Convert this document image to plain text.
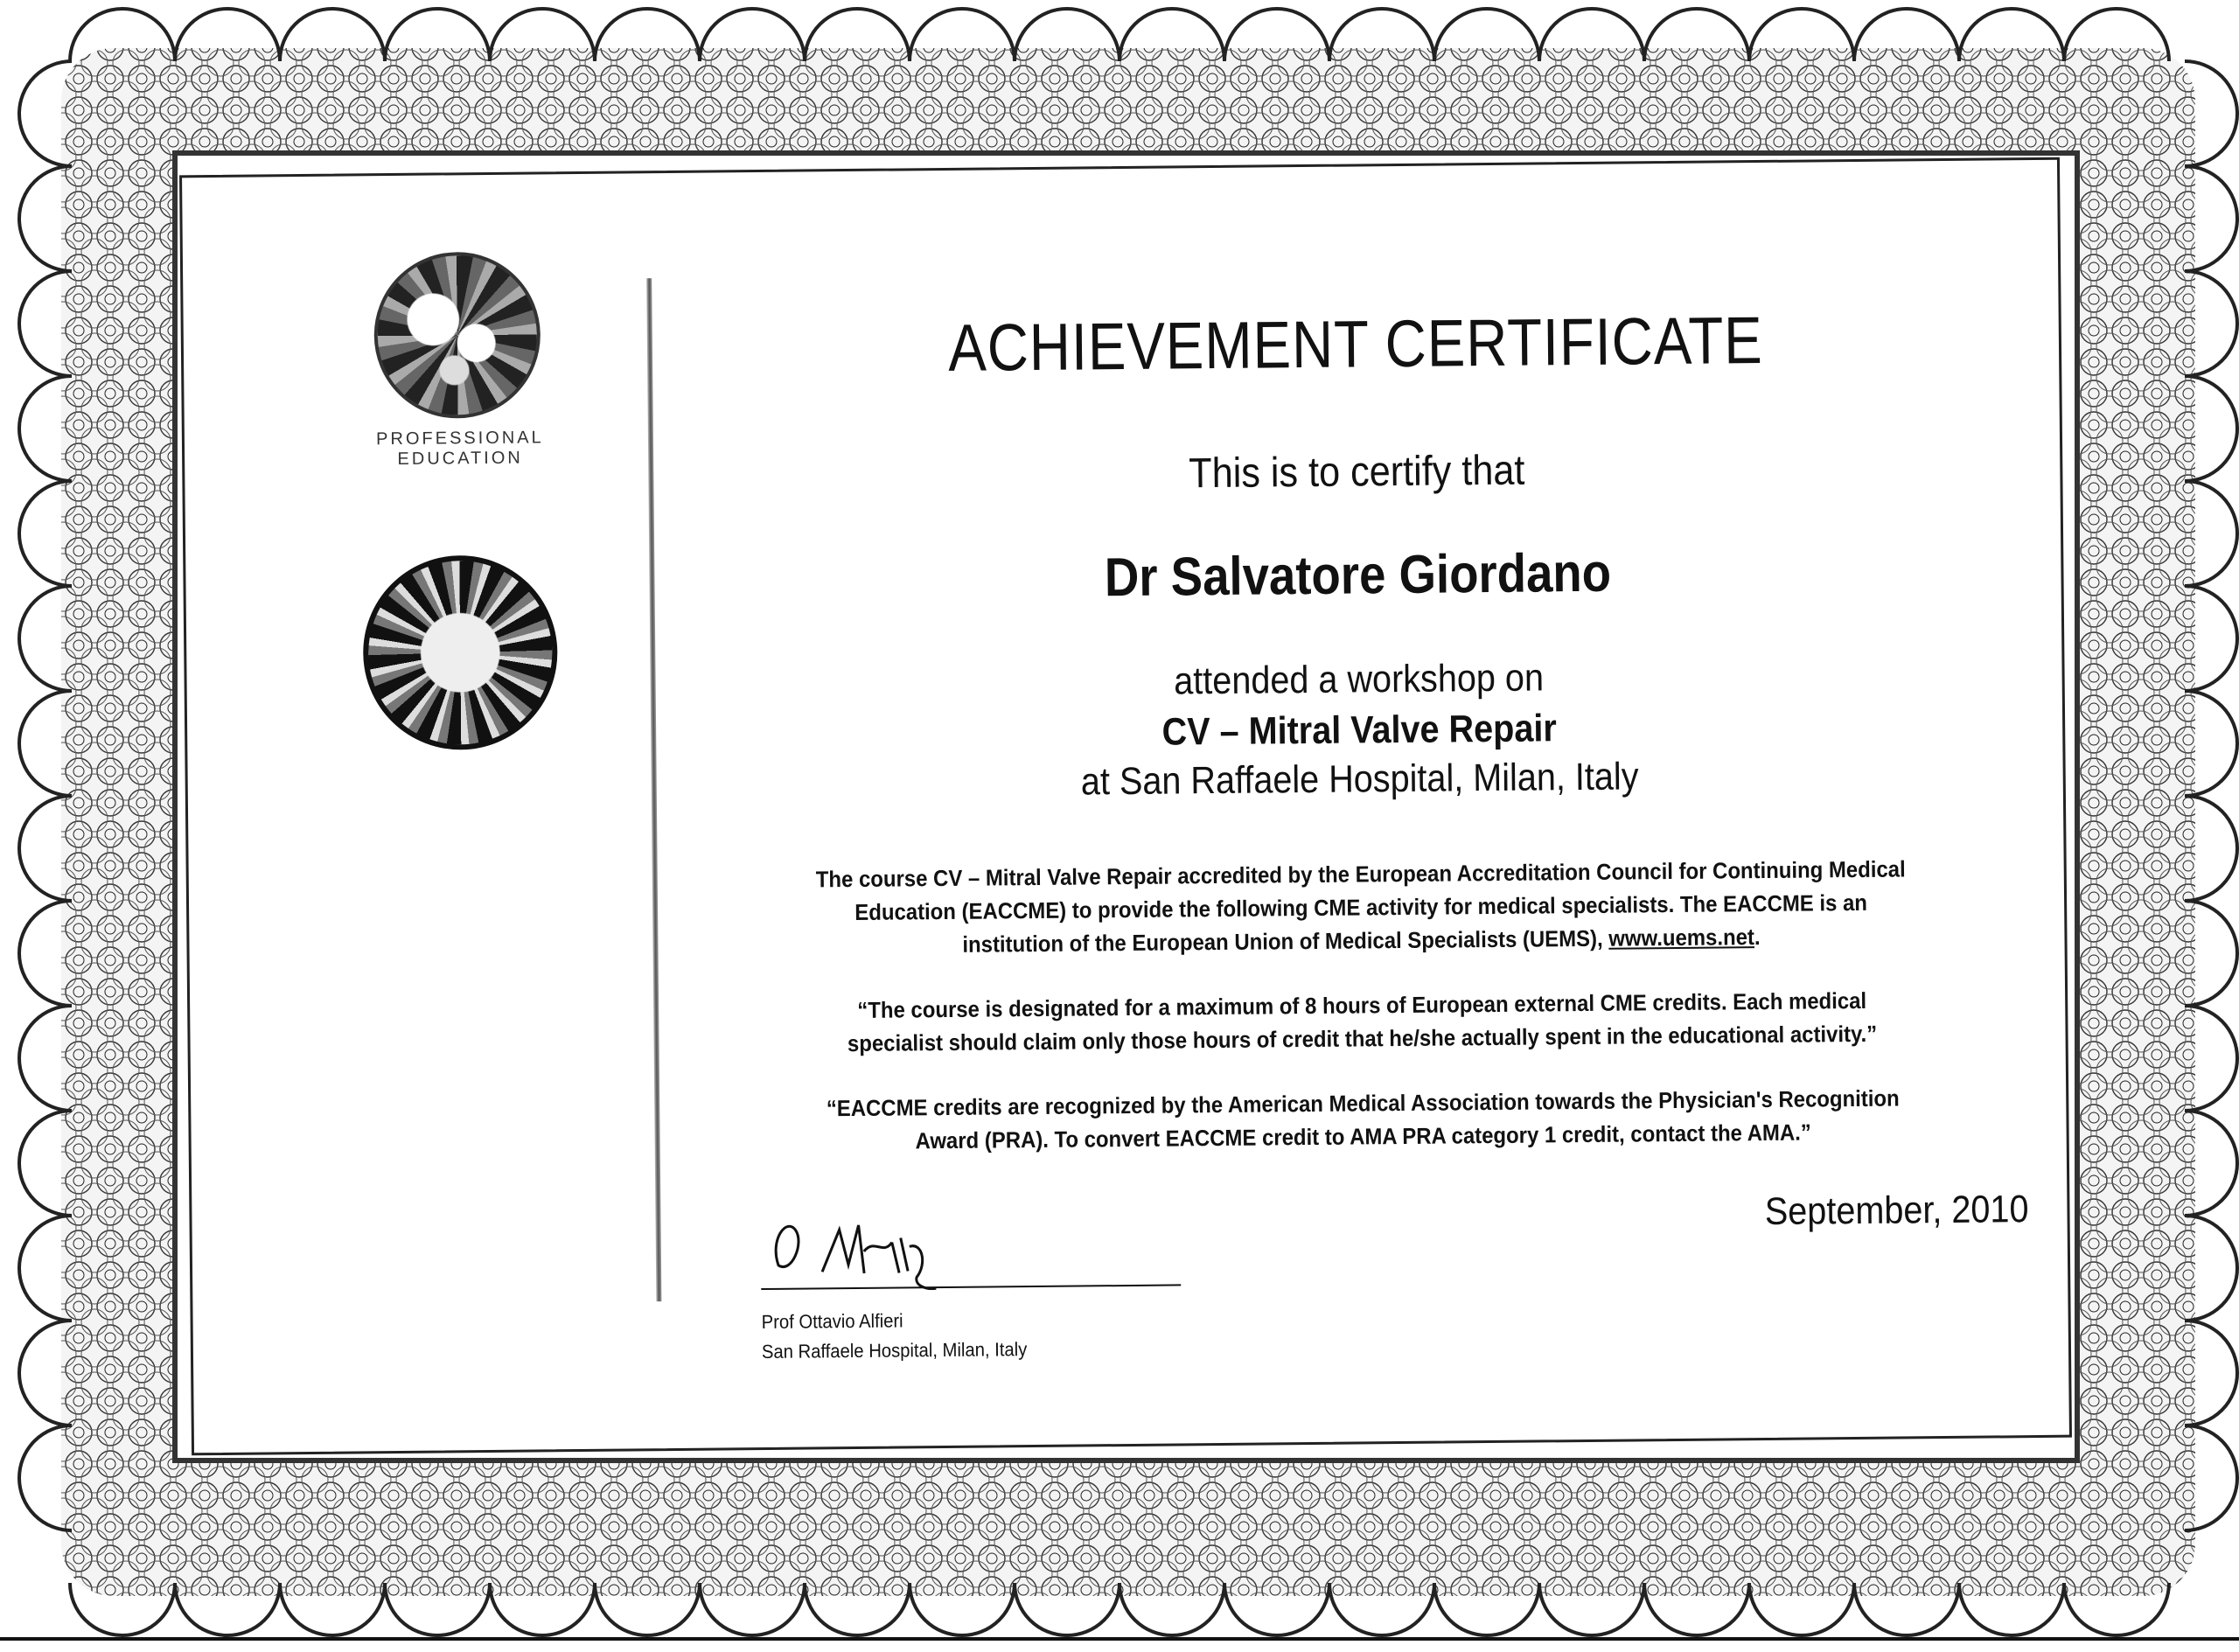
PROFESSIONAL
EDUCATION
ACHIEVEMENT CERTIFICATE
This is to certify that
Dr Salvatore Giordano
attended a workshop on
CV – Mitral Valve Repair
at San Raffaele Hospital, Milan, Italy
The course CV – Mitral Valve Repair accredited by the European Accreditation Council for Continuing Medical
Education (EACCME) to provide the following CME activity for medical specialists. The EACCME is an
institution of the European Union of Medical Specialists (UEMS), www.uems.net.
“The course is designated for a maximum of 8 hours of European external CME credits. Each medical
specialist should claim only those hours of credit that he/she actually spent in the educational activity.”
“EACCME credits are recognized by the American Medical Association towards the Physician's Recognition
Award (PRA). To convert EACCME credit to AMA PRA category 1 credit, contact the AMA.”
September, 2010
Prof Ottavio Alfieri
San Raffaele Hospital, Milan, Italy
